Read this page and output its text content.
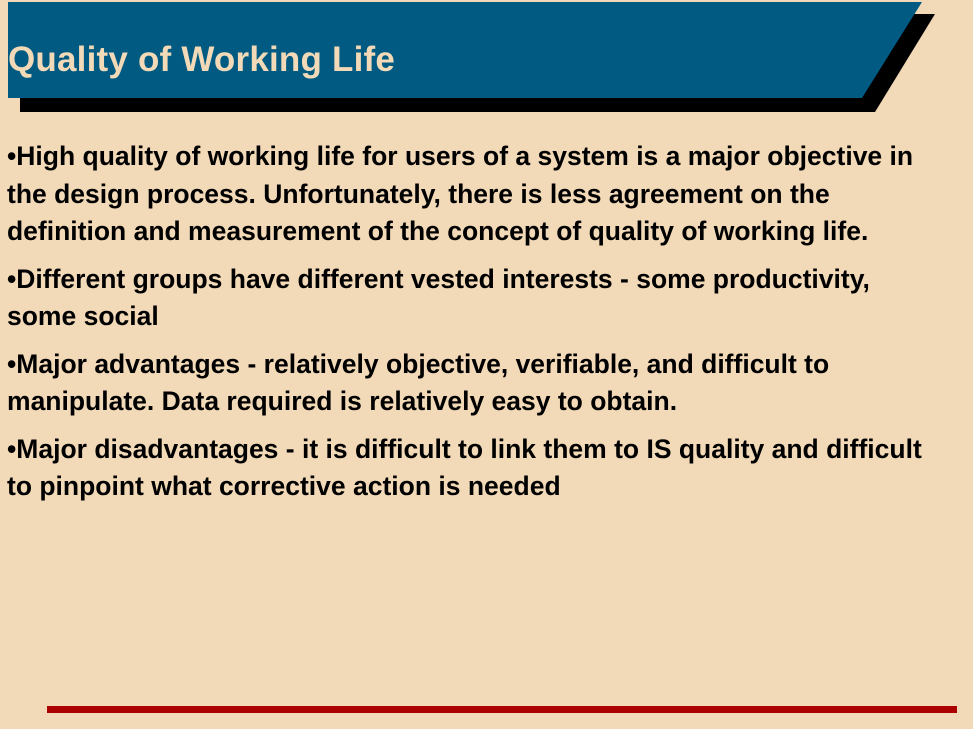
Quality of Working Life
• High quality of working life for users of a system is a major objective in the design process. Unfortunately, there is less agreement on the definition and measurement of the concept of quality of working life.
• Different groups have different vested interests - some productivity, some social
• Major advantages - relatively objective, verifiable, and difficult to manipulate. Data required is relatively easy to obtain.
• Major disadvantages - it is difficult to link them to IS quality and difficult to pinpoint what corrective action is needed
